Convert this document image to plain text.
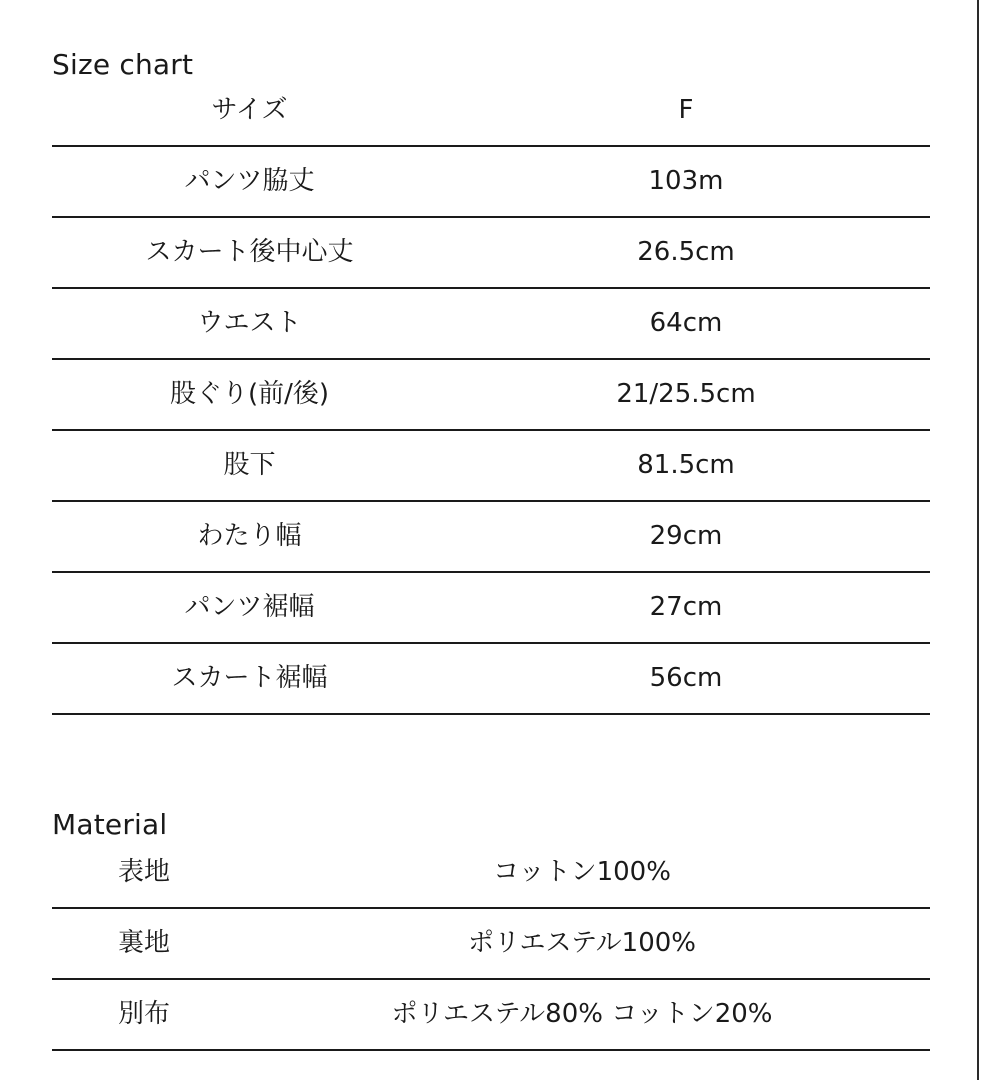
Size chart
サイズ	F
パンツ脇丈	103m
スカート後中心丈	26.5cm
ウエスト	64cm
股ぐり(前/後)	21/25.5cm
股下	81.5cm
わたり幅	29cm
パンツ裾幅	27cm
スカート裾幅	56cm
Material
表地	コットン100%
裏地	ポリエステル100%
別布	ポリエステル80% コットン20%
